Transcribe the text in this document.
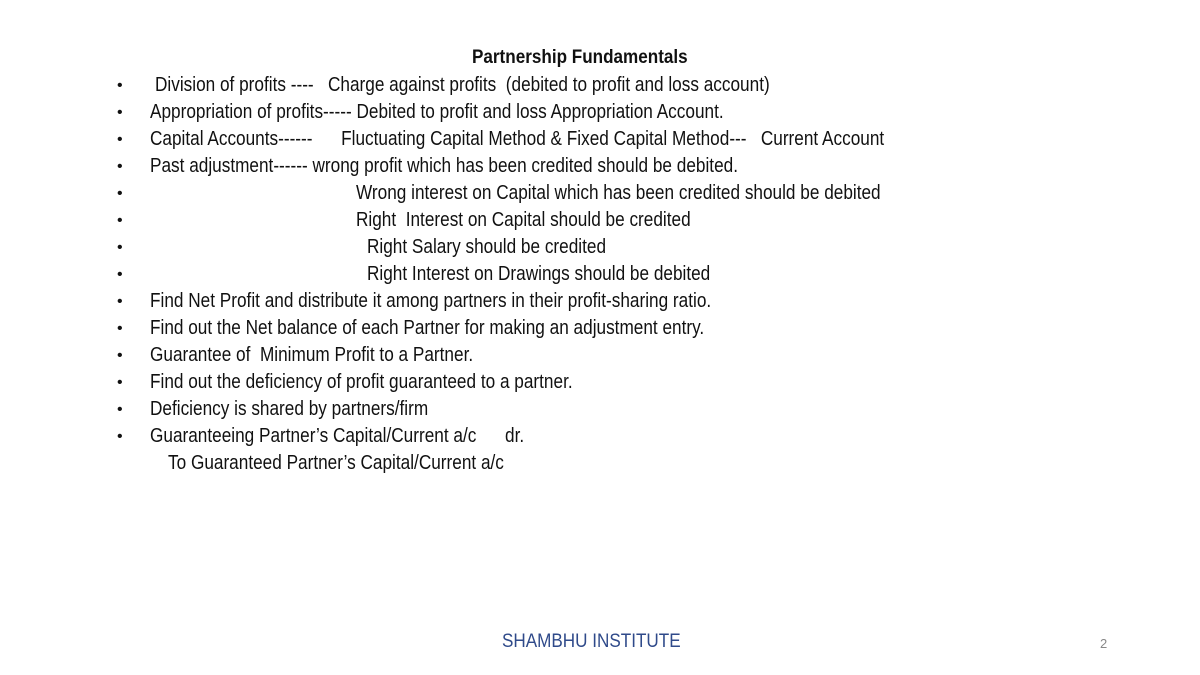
Partnership Fundamentals
• Division of profits ----   Charge against profits  (debited to profit and loss account)
• Appropriation of profits----- Debited to profit and loss Appropriation Account.
• Capital Accounts------      Fluctuating Capital Method & Fixed Capital Method---   Current Account
• Past adjustment------ wrong profit which has been credited should be debited.
•	Wrong interest on Capital which has been credited should be debited
•	Right  Interest on Capital should be credited
•	Right Salary should be credited
•	Right Interest on Drawings should be debited
• Find Net Profit and distribute it among partners in their profit-sharing ratio.
• Find out the Net balance of each Partner for making an adjustment entry.
• Guarantee of  Minimum Profit to a Partner.
• Find out the deficiency of profit guaranteed to a partner.
• Deficiency is shared by partners/firm
• Guaranteeing Partner’s Capital/Current a/c      dr.
To Guaranteed Partner’s Capital/Current a/c
SHAMBHU INSTITUTE	2
